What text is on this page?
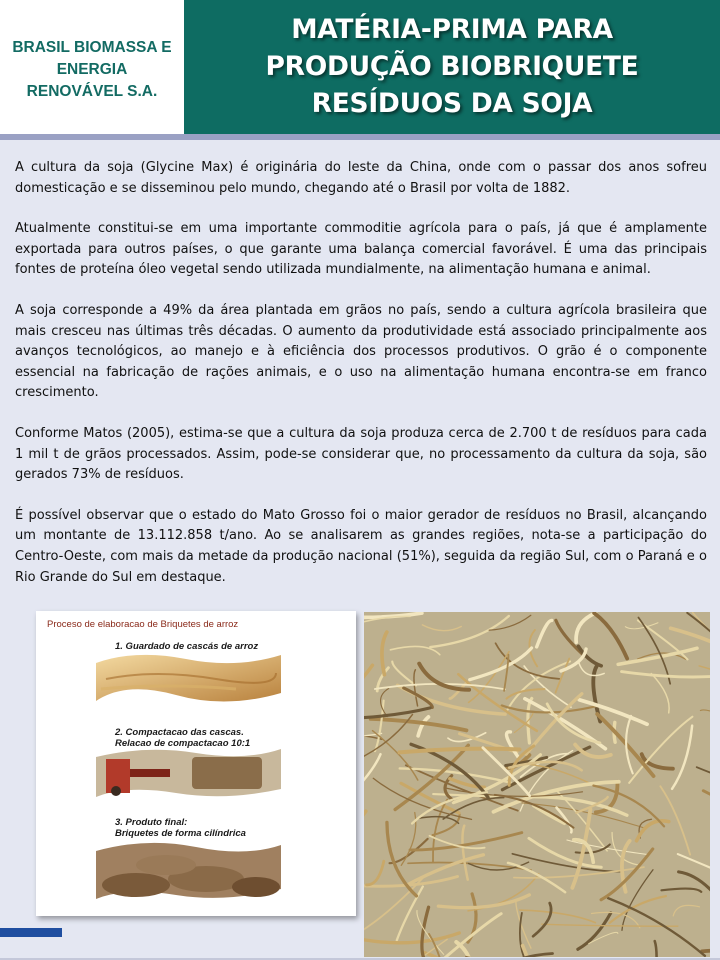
BRASIL BIOMASSA E
ENERGIA
RENOVÁVEL S.A.
MATÉRIA-PRIMA PARA
PRODUÇÃO BIOBRIQUETE
RESÍDUOS DA SOJA

A cultura da soja (Glycine Max) é originária do leste da China, onde com o passar dos anos sofreu domesticação e se disseminou pelo mundo, chegando até o Brasil por volta de 1882.

Atualmente constitui-se em uma importante commoditie agrícola para o país, já que é amplamente exportada para outros países, o que garante uma balança comercial favorável. É uma das principais fontes de proteína óleo vegetal sendo utilizada mundialmente, na alimentação humana e animal.

A soja corresponde a 49% da área plantada em grãos no país, sendo a cultura agrícola brasileira que mais cresceu nas últimas três décadas. O aumento da produtividade está associado principalmente aos avanços tecnológicos, ao manejo e à eficiência dos processos produtivos. O grão é o componente essencial na fabricação de rações animais, e o uso na alimentação humana encontra-se em franco crescimento.

Conforme Matos (2005), estima-se que a cultura da soja produza cerca de 2.700 t de resíduos para cada 1 mil t de grãos processados. Assim, pode-se considerar que, no processamento da cultura da soja, são gerados 73% de resíduos.

É possível observar que o estado do Mato Grosso foi o maior gerador de resíduos no Brasil, alcançando um montante de 13.112.858 t/ano. Ao se analisarem as grandes regiões, nota-se a participação do Centro-Oeste, com mais da metade da produção nacional (51%), seguida da região Sul, com o Paraná e o Rio Grande do Sul em destaque.

Proceso de elaboracao de Briquetes de arroz
1. Guardado de cascás de arroz
2. Compactacao das cascas.
Relacao de compactacao 10:1
3. Produto final:
Briquetes de forma cilíndrica
